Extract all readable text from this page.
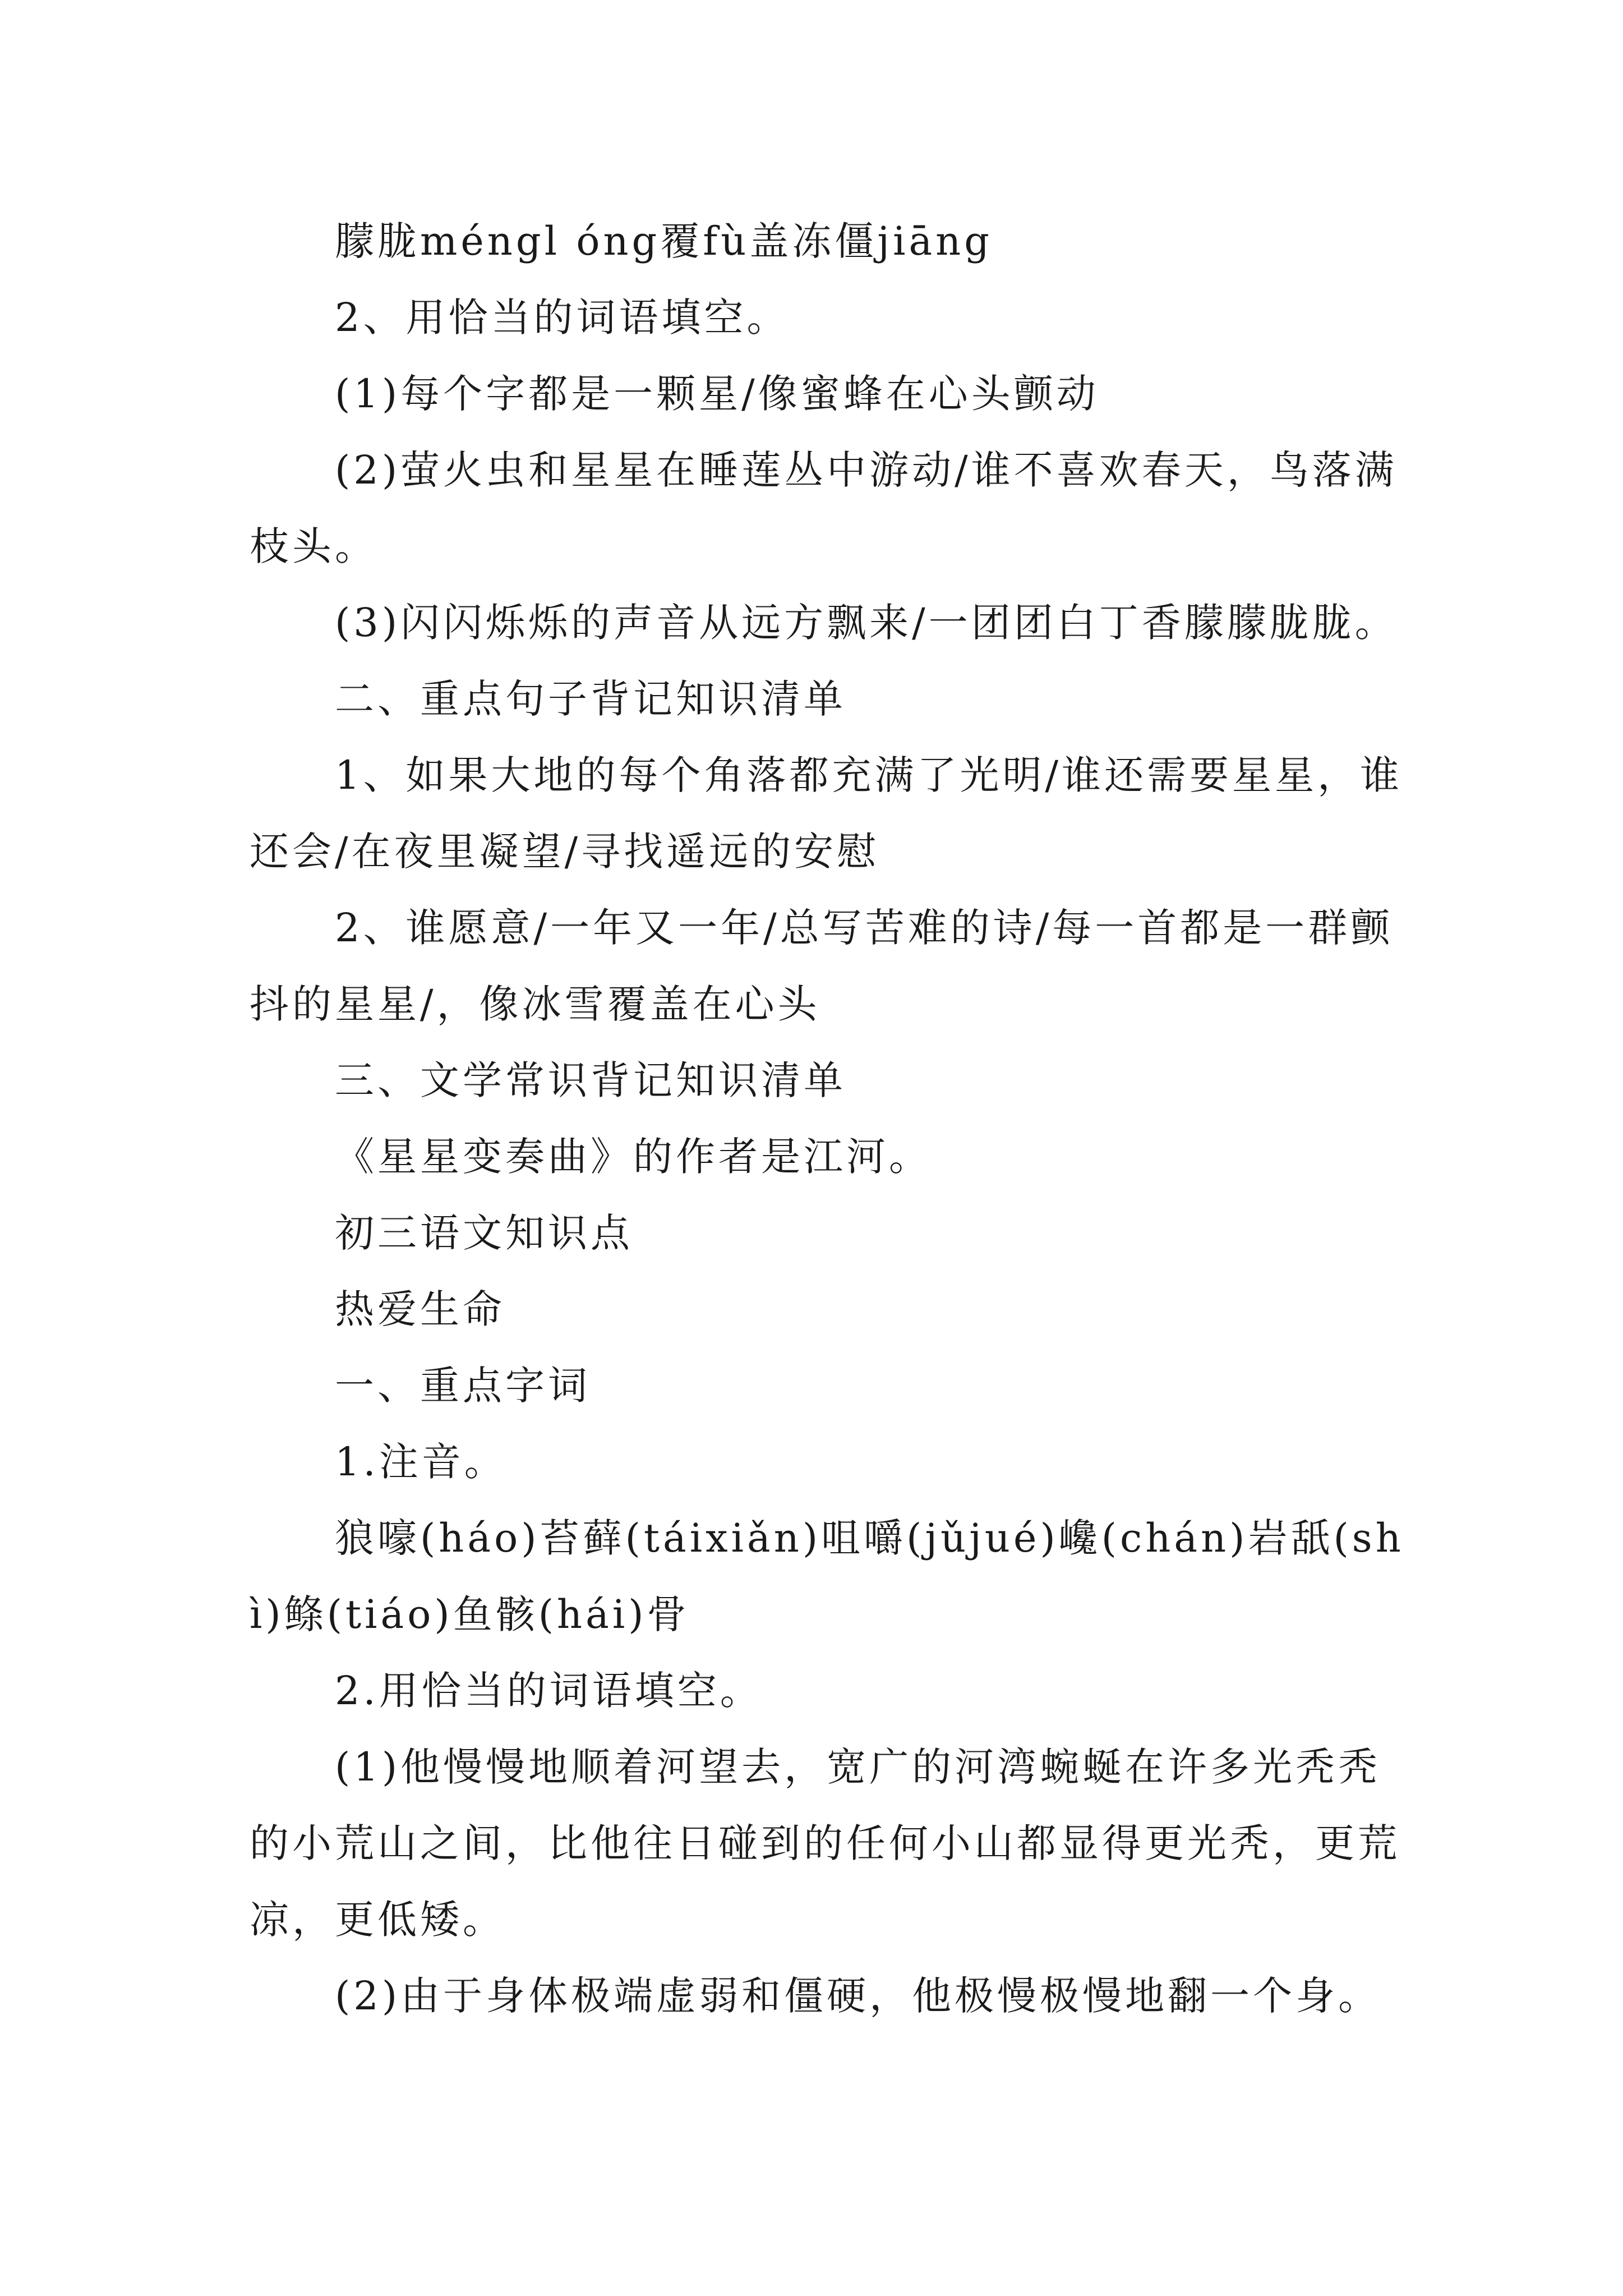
朦胧méngl óng覆fù盖冻僵jiāng

2、用恰当的词语填空。

(1)每个字都是一颗星/像蜜蜂在心头颤动

(2)萤火虫和星星在睡莲丛中游动/谁不喜欢春天，鸟落满枝头。

(3)闪闪烁烁的声音从远方飘来/一团团白丁香朦朦胧胧。

二、重点句子背记知识清单

1、如果大地的每个角落都充满了光明/谁还需要星星，谁还会/在夜里凝望/寻找遥远的安慰

2、谁愿意/一年又一年/总写苦难的诗/每一首都是一群颤抖的星星/，像冰雪覆盖在心头

三、文学常识背记知识清单

《星星变奏曲》的作者是江河。

初三语文知识点

热爱生命

一、重点字词

1.注音。

狼嚎(háo)苔藓(táixiǎn)咀嚼(jǔjué)巉(chán)岩舐(shì)鲦(tiáo)鱼骸(hái)骨

2.用恰当的词语填空。

(1)他慢慢地顺着河望去，宽广的河湾蜿蜒在许多光秃秃的小荒山之间，比他往日碰到的任何小山都显得更光秃，更荒凉，更低矮。

(2)由于身体极端虚弱和僵硬，他极慢极慢地翻一个身。
